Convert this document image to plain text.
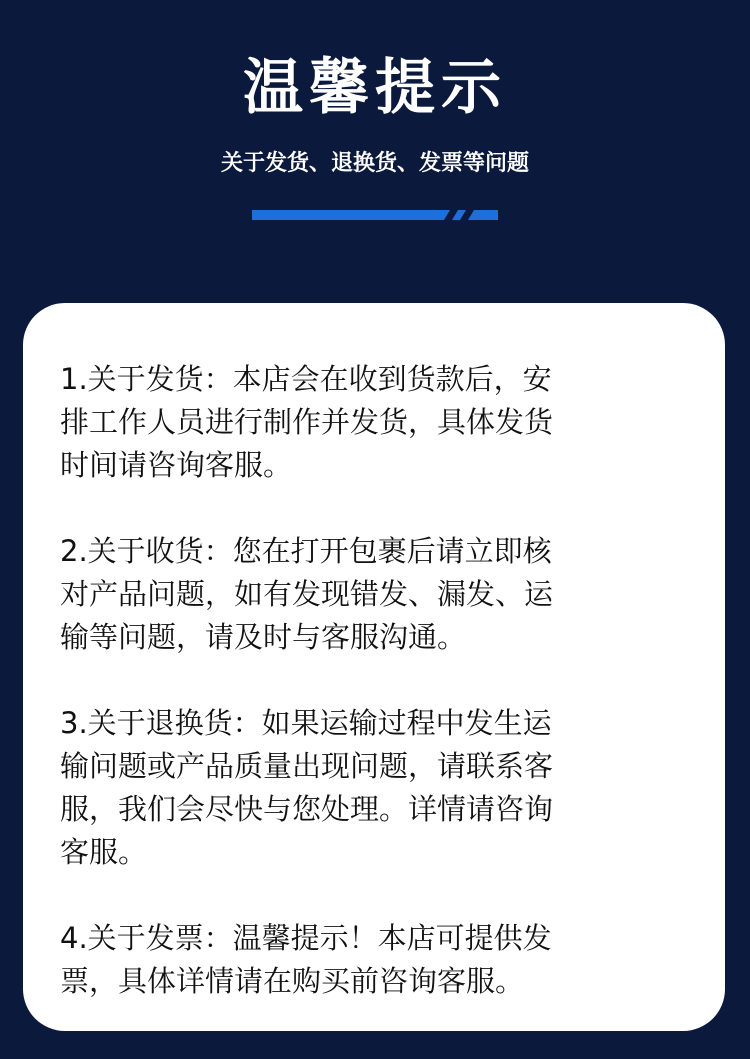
温馨提示
关于发货、退换货、发票等问题

1.关于发货：本店会在收到货款后，安
排工作人员进行制作并发货，具体发货
时间请咨询客服。

2.关于收货：您在打开包裹后请立即核
对产品问题，如有发现错发、漏发、运
输等问题，请及时与客服沟通。

3.关于退换货：如果运输过程中发生运
输问题或产品质量出现问题，请联系客
服，我们会尽快与您处理。详情请咨询
客服。

4.关于发票：温馨提示！本店可提供发
票，具体详情请在购买前咨询客服。
